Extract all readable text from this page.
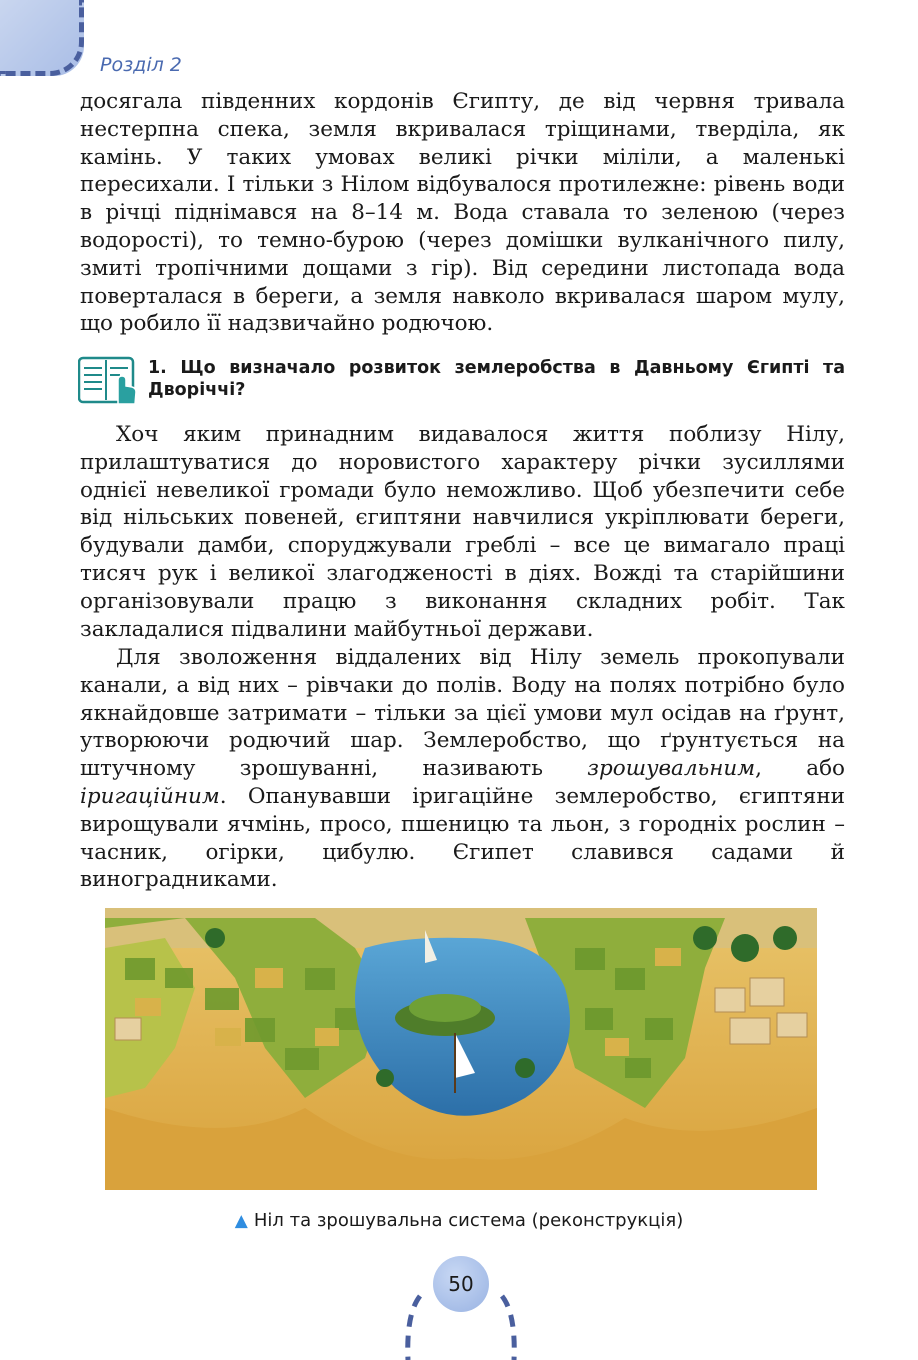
Розділ 2

досягала південних кордонів Єгипту, де від червня тривала нестерпна спека, земля вкривалася тріщинами, тверділа, як камінь. У таких умовах великі річки міліли, а маленькі пересихали. І тільки з Нілом відбувалося протилежне: рівень води в річці піднімався на 8–14 м. Вода ставала то зеленою (через водорості), то темно-бурою (через домішки вулканічного пилу, змиті тропічними дощами з гір). Від середини листопада вода поверталася в береги, а земля навколо вкривалася шаром мулу, що робило її надзвичайно родючою.

1. Що визначало розвиток землеробства в Давньому Єгипті та Дворіччі?

Хоч яким принадним видавалося життя поблизу Нілу, прилаштуватися до норовистого характеру річки зусиллями однієї невеликої громади було неможливо. Щоб убезпечити себе від нільських повеней, єгиптяни навчилися укріплювати береги, будували дамби, споруджували греблі – все це вимагало праці тисяч рук і великої злагодженості в діях. Вожді та старійшини організовували працю з виконання складних робіт. Так закладалися підвалини майбутньої держави.

Для зволоження віддалених від Нілу земель прокопували канали, а від них – рівчаки до полів. Воду на полях потрібно було якнайдовше затримати – тільки за цієї умови мул осідав на ґрунт, утворюючи родючий шар. Землеробство, що ґрунтується на штучному зрошуванні, називають зрошувальним, або іригаційним. Опанувавши іригаційне землеробство, єгиптяни вирощували ячмінь, просо, пшеницю та льон, з городніх рослин – часник, огірки, цибулю. Єгипет славився садами й виноградниками.

▲ Ніл та зрошувальна система (реконструкція)
50
